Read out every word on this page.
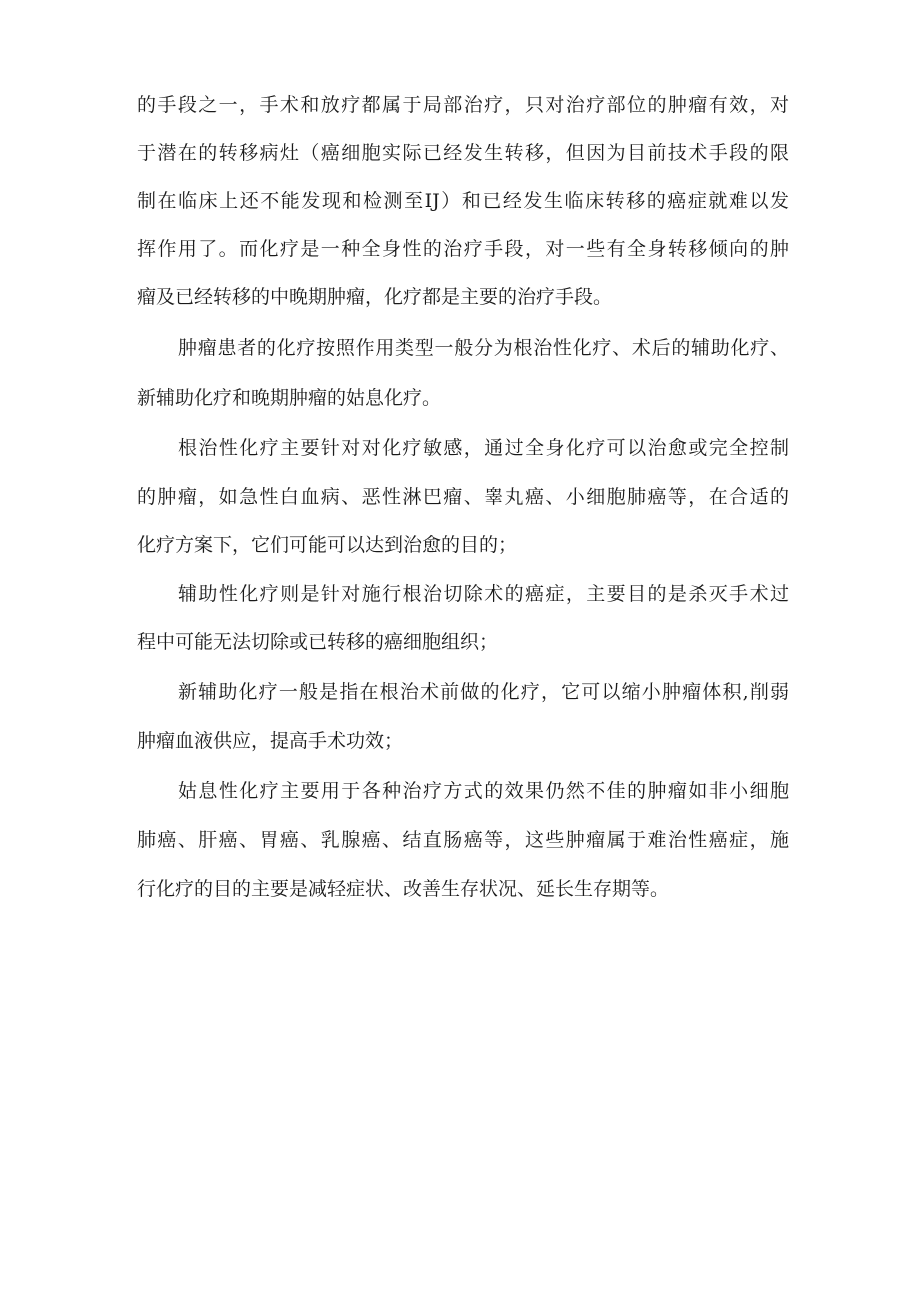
的手段之一，手术和放疗都属于局部治疗，只对治疗部位的肿瘤有效，对
于潜在的转移病灶（癌细胞实际已经发生转移，但因为目前技术手段的限
制在临床上还不能发现和检测至IJ）和已经发生临床转移的癌症就难以发
挥作用了。而化疗是一种全身性的治疗手段，对一些有全身转移倾向的肿
瘤及已经转移的中晚期肿瘤，化疗都是主要的治疗手段。
肿瘤患者的化疗按照作用类型一般分为根治性化疗、术后的辅助化疗、
新辅助化疗和晚期肿瘤的姑息化疗。
根治性化疗主要针对对化疗敏感，通过全身化疗可以治愈或完全控制
的肿瘤，如急性白血病、恶性淋巴瘤、睾丸癌、小细胞肺癌等，在合适的
化疗方案下，它们可能可以达到治愈的目的；
辅助性化疗则是针对施行根治切除术的癌症，主要目的是杀灭手术过
程中可能无法切除或已转移的癌细胞组织；
新辅助化疗一般是指在根治术前做的化疗，它可以缩小肿瘤体积,削弱
肿瘤血液供应，提高手术功效；
姑息性化疗主要用于各种治疗方式的效果仍然不佳的肿瘤如非小细胞
肺癌、肝癌、胃癌、乳腺癌、结直肠癌等，这些肿瘤属于难治性癌症，施
行化疗的目的主要是减轻症状、改善生存状况、延长生存期等。
